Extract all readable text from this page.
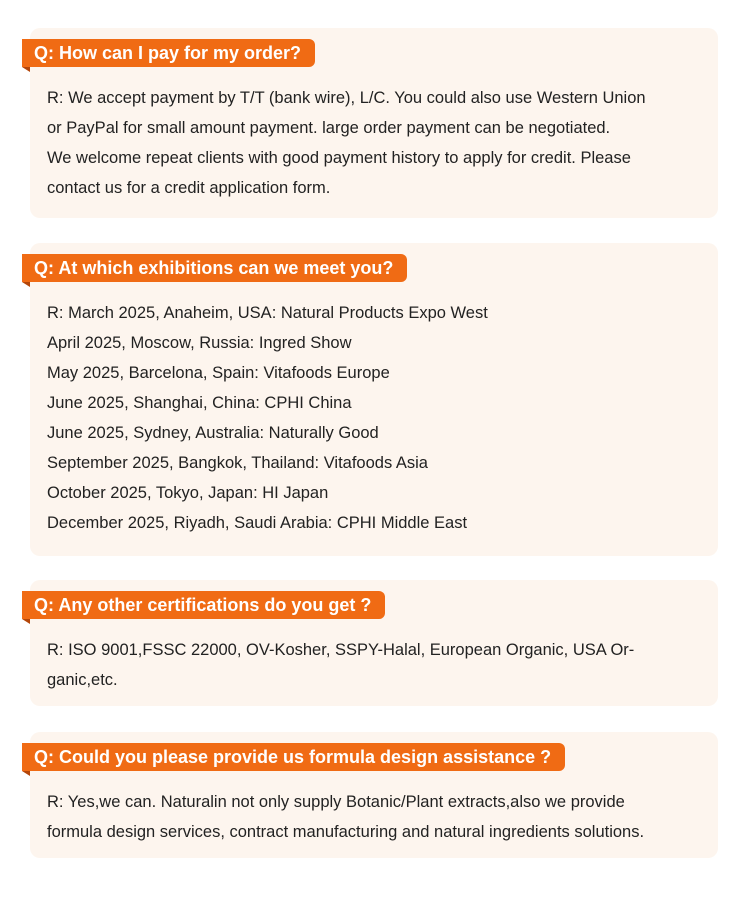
Q: How can I pay for my order?
R: We accept payment by T/T (bank wire), L/C. You could also use Western Union
or PayPal for small amount payment. large order payment can be negotiated.
We welcome repeat clients with good payment history to apply for credit. Please
contact us for a credit application form.
Q: At which exhibitions can we meet you?
R: March 2025, Anaheim, USA: Natural Products Expo West
April 2025, Moscow, Russia: Ingred Show
May 2025, Barcelona, Spain: Vitafoods Europe
June 2025, Shanghai, China: CPHI China
June 2025, Sydney, Australia: Naturally Good
September 2025, Bangkok, Thailand: Vitafoods Asia
October 2025, Tokyo, Japan: HI Japan
December 2025, Riyadh, Saudi Arabia: CPHI Middle East
Q: Any other certifications do you get ?
R: ISO 9001,FSSC 22000, OV-Kosher, SSPY-Halal, European Organic, USA Or-
ganic,etc.
Q: Could you please provide us formula design assistance ?
R: Yes,we can. Naturalin not only supply Botanic/Plant extracts,also we provide
formula design services, contract manufacturing and natural ingredients solutions.
